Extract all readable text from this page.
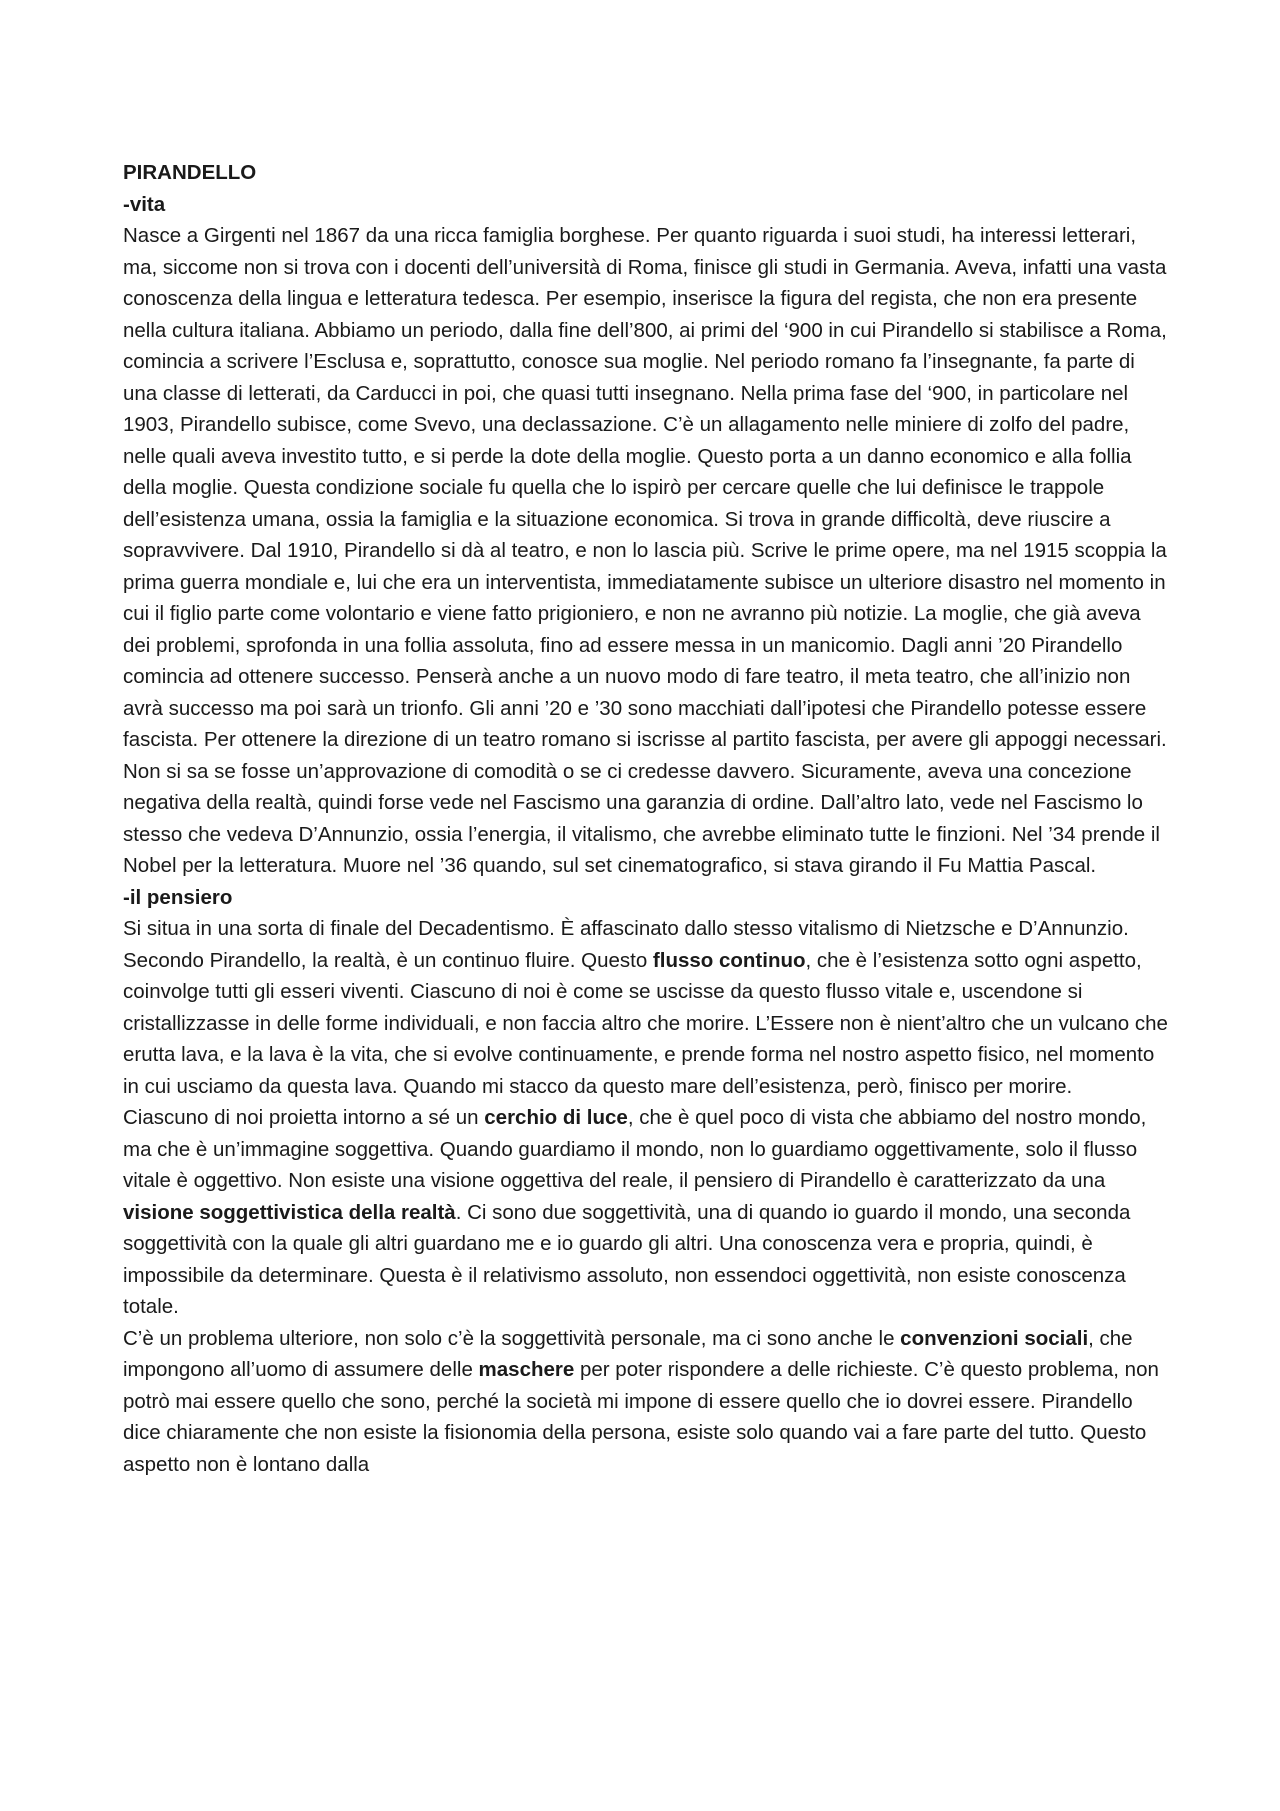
PIRANDELLO

-vita

Nasce a Girgenti nel 1867 da una ricca famiglia borghese. Per quanto riguarda i suoi studi, ha interessi letterari, ma, siccome non si trova con i docenti dell’università di Roma, finisce gli studi in Germania. Aveva, infatti una vasta conoscenza della lingua e letteratura tedesca. Per esempio, inserisce la figura del regista, che non era presente nella cultura italiana. Abbiamo un periodo, dalla fine dell’800, ai primi del ‘900 in cui Pirandello si stabilisce a Roma, comincia a scrivere l’Esclusa e, soprattutto, conosce sua moglie. Nel periodo romano fa l’insegnante, fa parte di una classe di letterati, da Carducci in poi, che quasi tutti insegnano. Nella prima fase del ‘900, in particolare nel 1903, Pirandello subisce, come Svevo, una declassazione. C’è un allagamento nelle miniere di zolfo del padre, nelle quali aveva investito tutto, e si perde la dote della moglie. Questo porta a un danno economico e alla follia della moglie. Questa condizione sociale fu quella che lo ispirò per cercare quelle che lui definisce le trappole dell’esistenza umana, ossia la famiglia e la situazione economica. Si trova in grande difficoltà, deve riuscire a sopravvivere. Dal 1910, Pirandello si dà al teatro, e non lo lascia più. Scrive le prime opere, ma nel 1915 scoppia la prima guerra mondiale e, lui che era un interventista, immediatamente subisce un ulteriore disastro nel momento in cui il figlio parte come volontario e viene fatto prigioniero, e non ne avranno più notizie. La moglie, che già aveva dei problemi, sprofonda in una follia assoluta, fino ad essere messa in un manicomio. Dagli anni ’20 Pirandello comincia ad ottenere successo. Penserà anche a un nuovo modo di fare teatro, il meta teatro, che all’inizio non avrà successo ma poi sarà un trionfo. Gli anni ’20 e ’30 sono macchiati dall’ipotesi che Pirandello potesse essere fascista. Per ottenere la direzione di un teatro romano si iscrisse al partito fascista, per avere gli appoggi necessari. Non si sa se fosse un’approvazione di comodità o se ci credesse davvero. Sicuramente, aveva una concezione negativa della realtà, quindi forse vede nel Fascismo una garanzia di ordine. Dall’altro lato, vede nel Fascismo lo stesso che vedeva D’Annunzio, ossia l’energia, il vitalismo, che avrebbe eliminato tutte le finzioni. Nel ’34 prende il Nobel per la letteratura. Muore nel ’36 quando, sul set cinematografico, si stava girando il Fu Mattia Pascal.

-il pensiero

Si situa in una sorta di finale del Decadentismo. È affascinato dallo stesso vitalismo di Nietzsche e D’Annunzio. Secondo Pirandello, la realtà, è un continuo fluire. Questo flusso continuo, che è l’esistenza sotto ogni aspetto, coinvolge tutti gli esseri viventi. Ciascuno di noi è come se uscisse da questo flusso vitale e, uscendone si cristallizzasse in delle forme individuali, e non faccia altro che morire. L’Essere non è nient’altro che un vulcano che erutta lava, e la lava è la vita, che si evolve continuamente, e prende forma nel nostro aspetto fisico, nel momento in cui usciamo da questa lava. Quando mi stacco da questo mare dell’esistenza, però, finisco per morire.

Ciascuno di noi proietta intorno a sé un cerchio di luce, che è quel poco di vista che abbiamo del nostro mondo, ma che è un’immagine soggettiva. Quando guardiamo il mondo, non lo guardiamo oggettivamente, solo il flusso vitale è oggettivo. Non esiste una visione oggettiva del reale, il pensiero di Pirandello è caratterizzato da una visione soggettivistica della realtà. Ci sono due soggettività, una di quando io guardo il mondo, una seconda soggettività con la quale gli altri guardano me e io guardo gli altri. Una conoscenza vera e propria, quindi, è impossibile da determinare. Questa è il relativismo assoluto, non essendoci oggettività, non esiste conoscenza totale.

C’è un problema ulteriore, non solo c’è la soggettività personale, ma ci sono anche le convenzioni sociali, che impongono all’uomo di assumere delle maschere per poter rispondere a delle richieste. C’è questo problema, non potrò mai essere quello che sono, perché la società mi impone di essere quello che io dovrei essere. Pirandello dice chiaramente che non esiste la fisionomia della persona, esiste solo quando vai a fare parte del tutto. Questo aspetto non è lontano dalla
